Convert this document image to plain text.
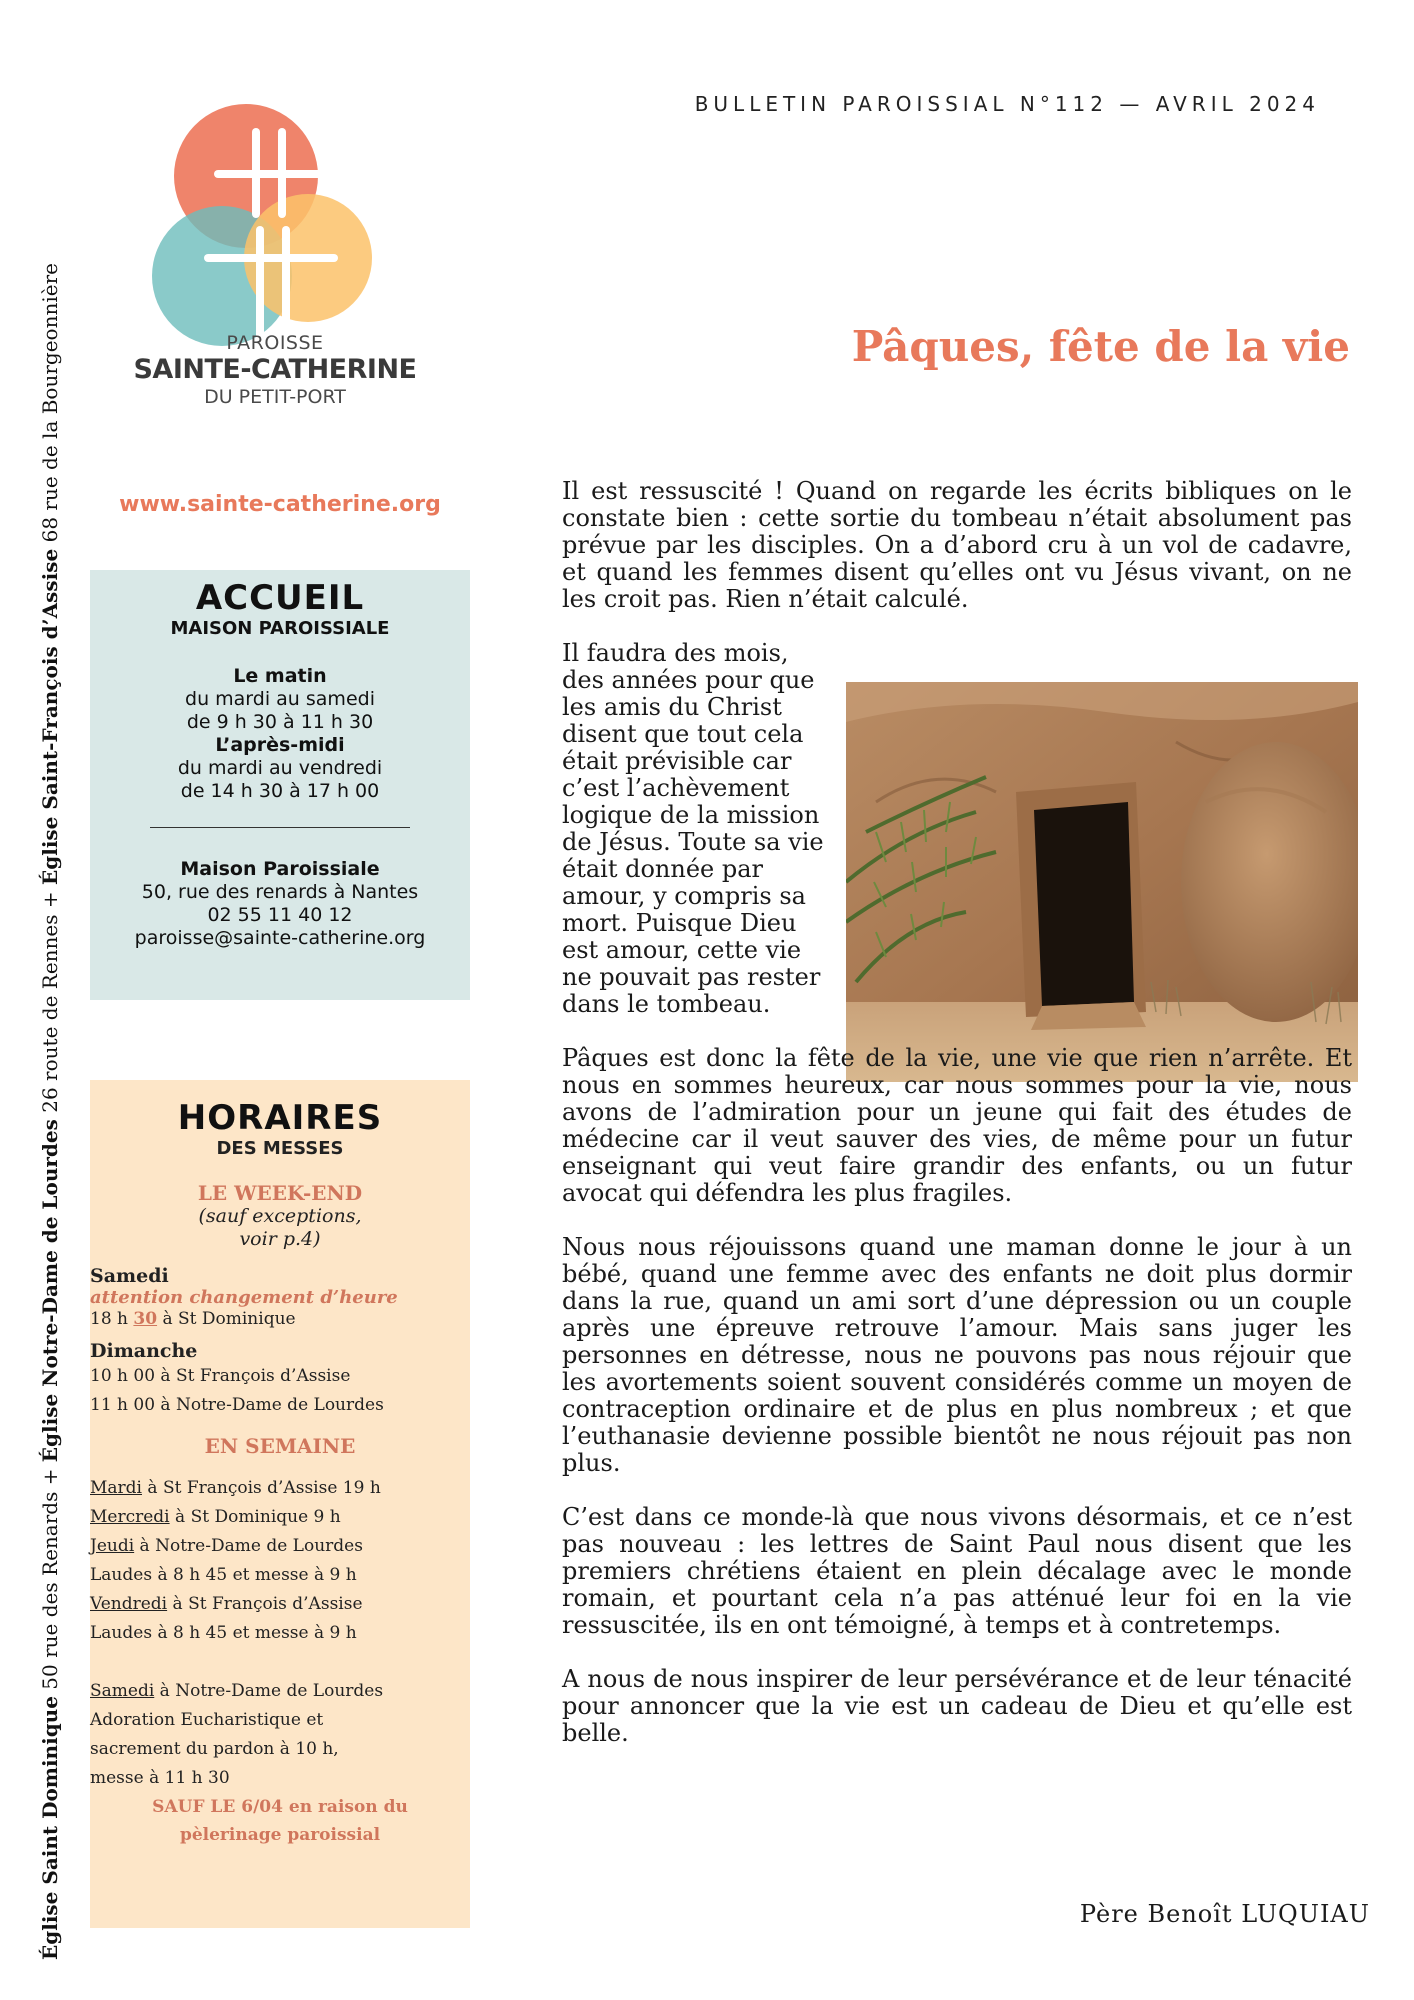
Église Saint Dominique 50 rue des Renards + Église Notre-Dame de Lourdes 26 route de Rennes + Église Saint-François d’Assise 68 rue de la Bourgeonnière
BULLETIN PAROISSIAL N°112 — AVRIL 2024
PAROISSE
SAINTE-CATHERINE
DU PETIT-PORT
www.sainte-catherine.org
ACCUEIL
MAISON PAROISSIALE
Le matin
du mardi au samedi
de 9 h 30 à 11 h 30
L’après-midi
du mardi au vendredi
de 14 h 30 à 17 h 00
Maison Paroissiale
50, rue des renards à Nantes
02 55 11 40 12
paroisse@sainte-catherine.org
HORAIRES
DES MESSES
LE WEEK-END
(sauf exceptions,
voir p.4)
Samedi
attention changement d’heure
18 h 30 à St Dominique
Dimanche
10 h 00 à St François d’Assise
11 h 00 à Notre-Dame de Lourdes
EN SEMAINE
Mardi à St François d’Assise 19 h
Mercredi à St Dominique 9 h
Jeudi à Notre-Dame de Lourdes
Laudes à 8 h 45 et messe à 9 h
Vendredi à St François d’Assise
Laudes à 8 h 45 et messe à 9 h
Samedi à Notre-Dame de Lourdes
Adoration Eucharistique et
sacrement du pardon à 10 h,
messe à 11 h 30
SAUF LE 6/04 en raison du
pèlerinage paroissial
Pâques, fête de la vie

Il est ressuscité ! Quand on regarde les écrits bibliques on le constate bien : cette sortie du tombeau n’était absolument pas prévue par les disciples. On a d’abord cru à un vol de cadavre, et quand les femmes disent qu’elles ont vu Jésus vivant, on ne les croit pas. Rien n’était calculé.

Il faudra des mois, des années pour que les amis du Christ disent que tout cela était prévisible car c’est l’achèvement logique de la mission de Jésus. Toute sa vie était donnée par amour, y compris sa mort. Puisque Dieu est amour, cette vie ne pouvait pas rester dans le tombeau.

Pâques est donc la fête de la vie, une vie que rien n’arrête. Et nous en sommes heureux, car nous sommes pour la vie, nous avons de l’admiration pour un jeune qui fait des études de médecine car il veut sauver des vies, de même pour un futur enseignant qui veut faire grandir des enfants, ou un futur avocat qui défendra les plus fragiles.

Nous nous réjouissons quand une maman donne le jour à un bébé, quand une femme avec des enfants ne doit plus dormir dans la rue, quand un ami sort d’une dépression ou un couple après une épreuve retrouve l’amour. Mais sans juger les personnes en détresse, nous ne pouvons pas nous réjouir que les avortements soient souvent considérés comme un moyen de contraception ordinaire et de plus en plus nombreux ; et que l’euthanasie devienne possible bientôt ne nous réjouit pas non plus.

C’est dans ce monde-là que nous vivons désormais, et ce n’est pas nouveau : les lettres de Saint Paul nous disent que les premiers chrétiens étaient en plein décalage avec le monde romain, et pourtant cela n’a pas atténué leur foi en la vie ressuscitée, ils en ont témoigné, à temps et à contretemps.

A nous de nous inspirer de leur persévérance et de leur ténacité pour annoncer que la vie est un cadeau de Dieu et qu’elle est belle.

Père Benoît LUQUIAU
